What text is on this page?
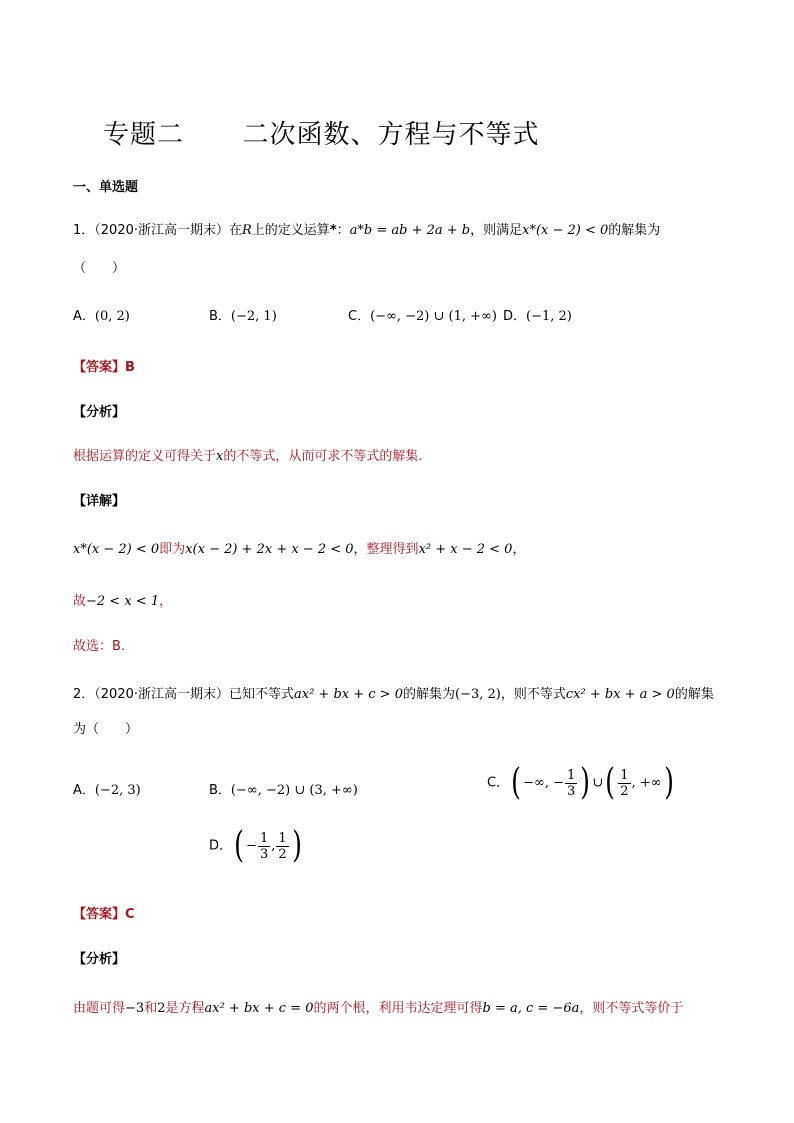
专题二 二次函数、方程与不等式
一、单选题
1．（2020·浙江高一期末）在R上的定义运算*：a*b = ab + 2a + b，则满足x*(x − 2) < 0的解集为
（　　）
A．(0, 2)	B．(−2, 1)	C．(−∞, −2) ∪ (1, +∞) D．(−1, 2)
【答案】B
【分析】
根据运算的定义可得关于x的不等式，从而可求不等式的解集.
【详解】
x*(x − 2) < 0即为x(x − 2) + 2x + x − 2 < 0，整理得到x² + x − 2 < 0，
故−2 < x < 1，
故选：B．
2．（2020·浙江高一期末）已知不等式ax² + bx + c > 0的解集为(−3, 2)，则不等式cx² + bx + a > 0的解集
为（　　）
A．(−2, 3)	B．(−∞, −2) ∪ (3, +∞)	C．( −∞, − $\frac{1}{3}$ ) ∪( $\frac{1}{2}$ , +∞)
D．( − $\frac{1}{3}$ , $\frac{1}{2}$ )
【答案】C
【分析】
由题可得−3和2是方程ax² + bx + c = 0的两个根，利用韦达定理可得b = a, c = −6a，则不等式等价于
